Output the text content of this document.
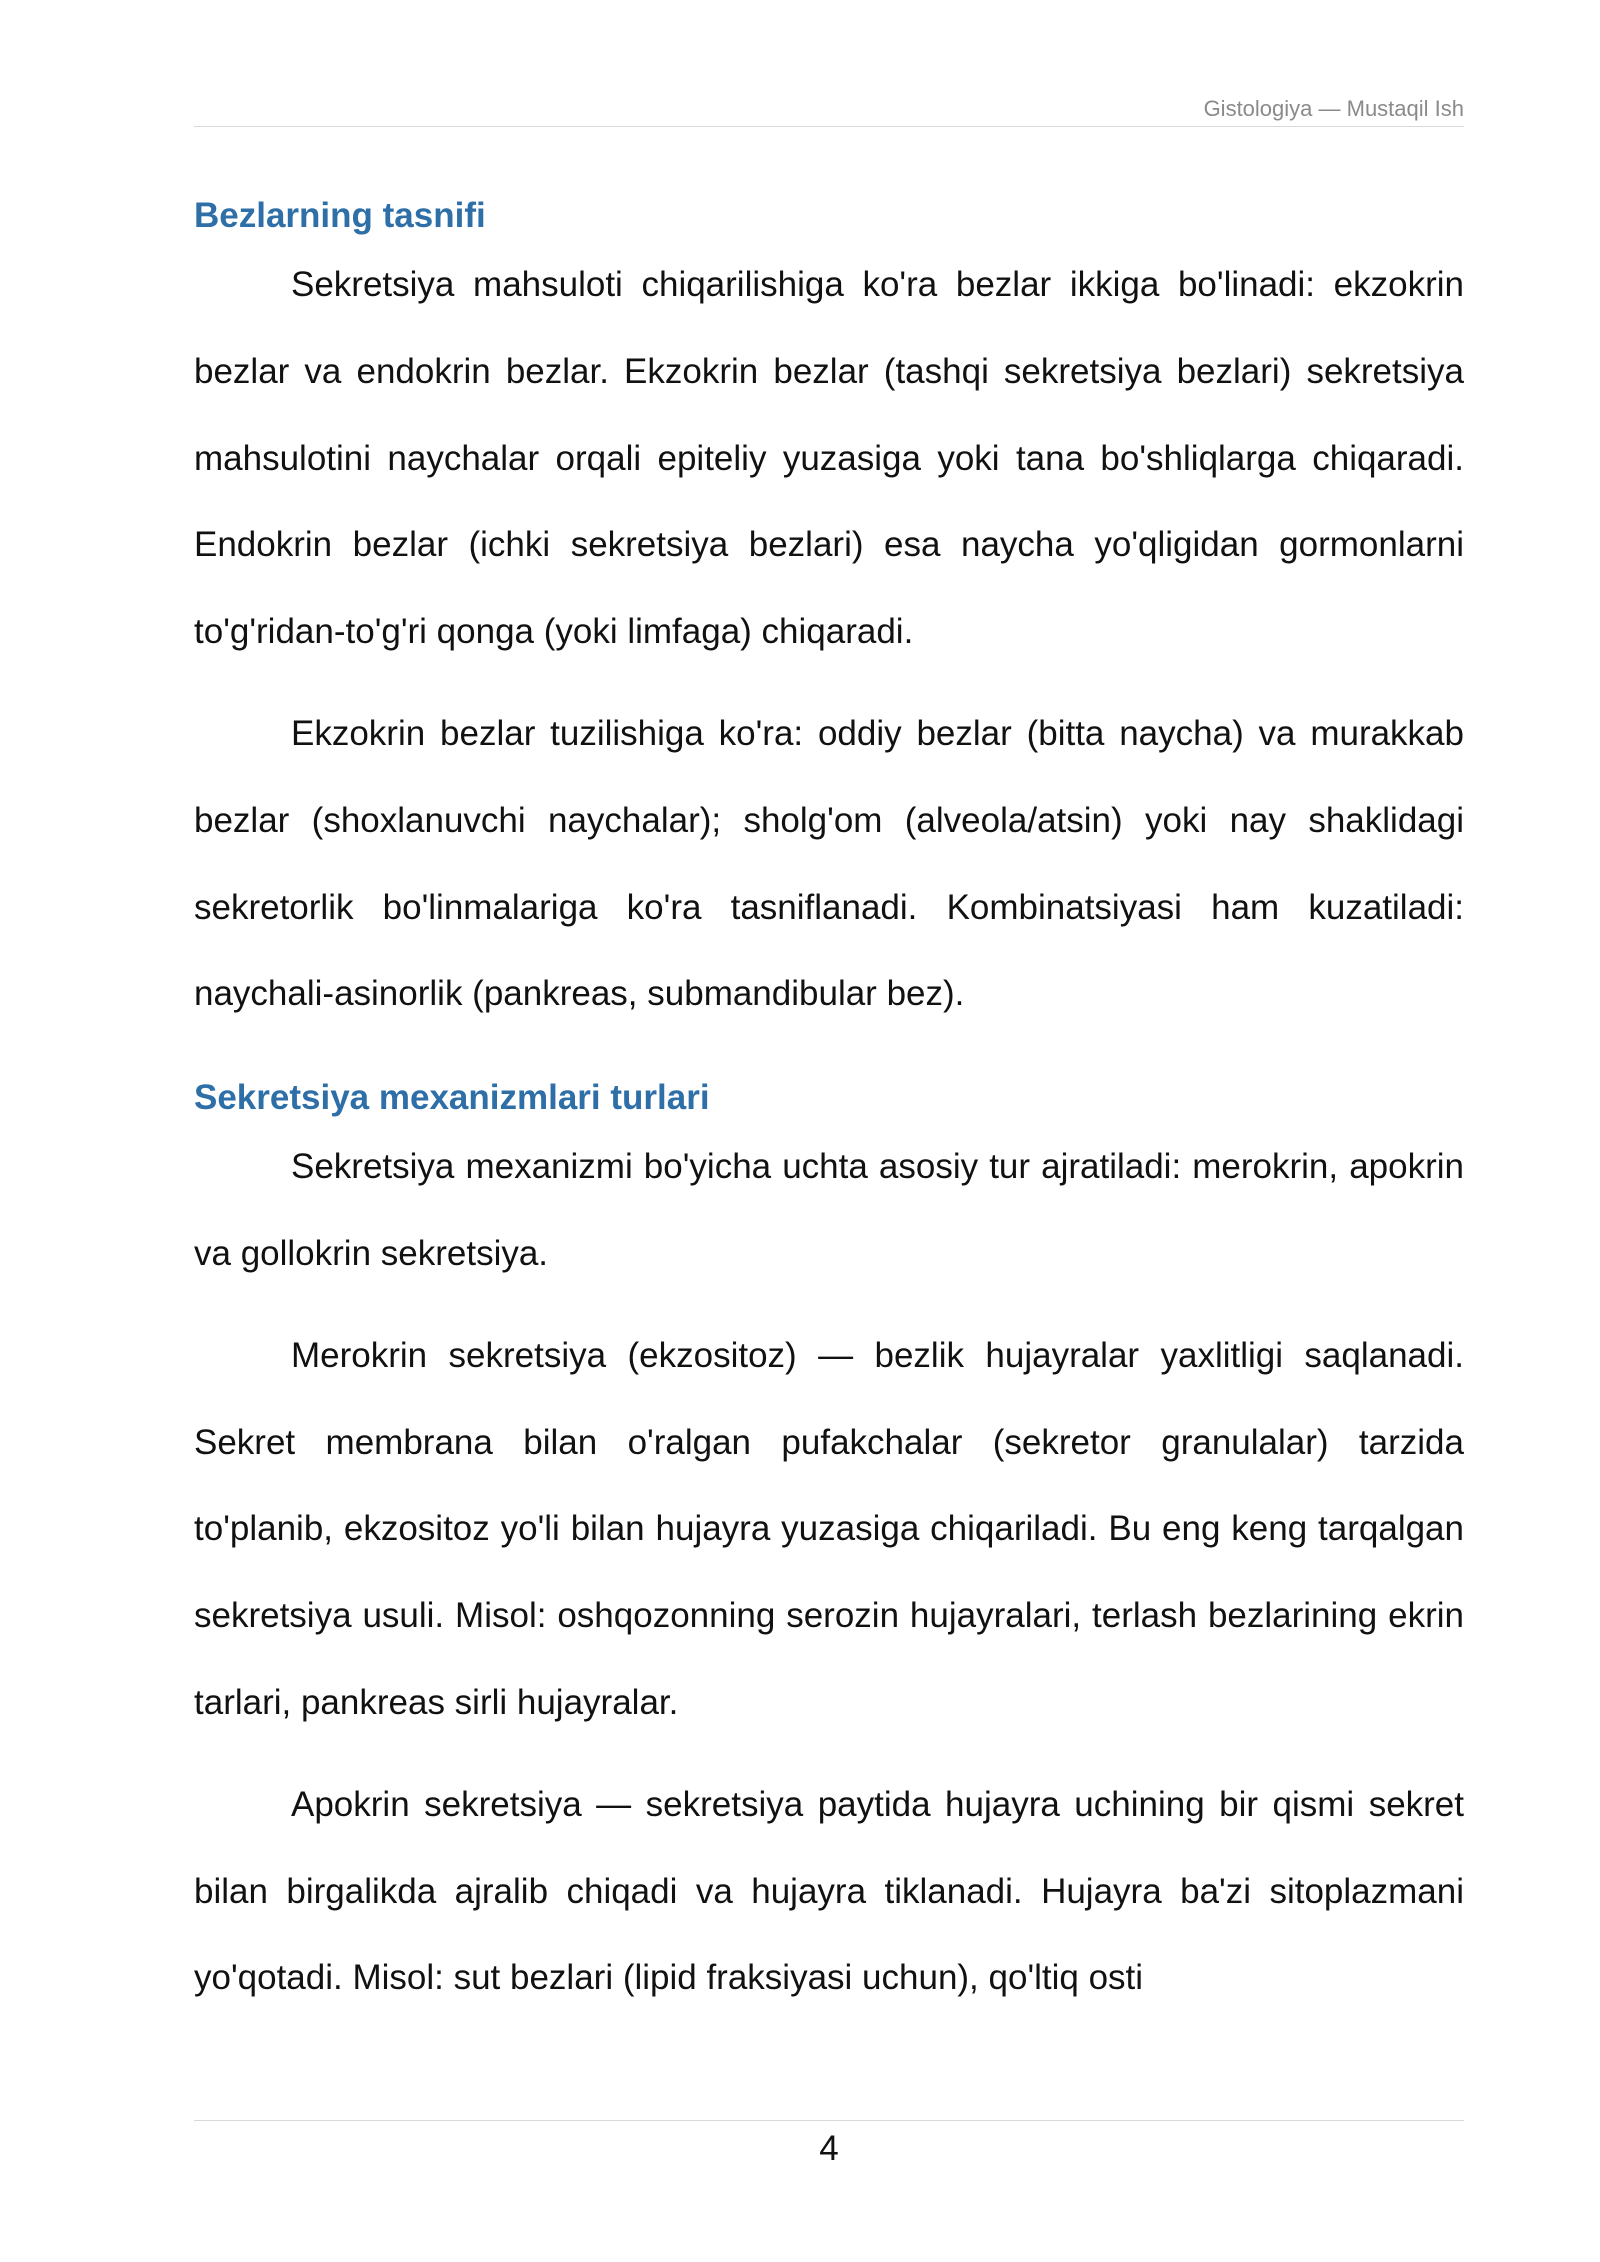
Gistologiya — Mustaqil Ish
Bezlarning tasnifi

Sekretsiya mahsuloti chiqarilishiga ko'ra bezlar ikkiga bo'linadi: ekzokrin bezlar va endokrin bezlar. Ekzokrin bezlar (tashqi sekretsiya bezlari) sekretsiya mahsulotini naychalar orqali epiteliy yuzasiga yoki tana bo'shliqlarga chiqaradi. Endokrin bezlar (ichki sekretsiya bezlari) esa naycha yo'qligidan gormonlarni to'g'ridan-to'g'ri qonga (yoki limfaga) chiqaradi.

Ekzokrin bezlar tuzilishiga ko'ra: oddiy bezlar (bitta naycha) va murakkab bezlar (shoxlanuvchi naychalar); sholg'om (alveola/atsin) yoki nay shaklidagi sekretorlik bo'linmalariga ko'ra tasniflanadi. Kombinatsiyasi ham kuzatiladi: naychali-asinorlik (pankreas, submandibular bez).

Sekretsiya mexanizmlari turlari

Sekretsiya mexanizmi bo'yicha uchta asosiy tur ajratiladi: merokrin, apokrin va gollokrin sekretsiya.

Merokrin sekretsiya (ekzositoz) — bezlik hujayralar yaxlitligi saqlanadi. Sekret membrana bilan o'ralgan pufakchalar (sekretor granulalar) tarzida to'planib, ekzositoz yo'li bilan hujayra yuzasiga chiqariladi. Bu eng keng tarqalgan sekretsiya usuli. Misol: oshqozonning serozin hujayralari, terlash bezlarining ekrin tarlari, pankreas sirli hujayralar.

Apokrin sekretsiya — sekretsiya paytida hujayra uchining bir qismi sekret bilan birgalikda ajralib chiqadi va hujayra tiklanadi. Hujayra ba'zi sitoplazmani yo'qotadi. Misol: sut bezlari (lipid fraksiyasi uchun), qo'ltiq osti

4
